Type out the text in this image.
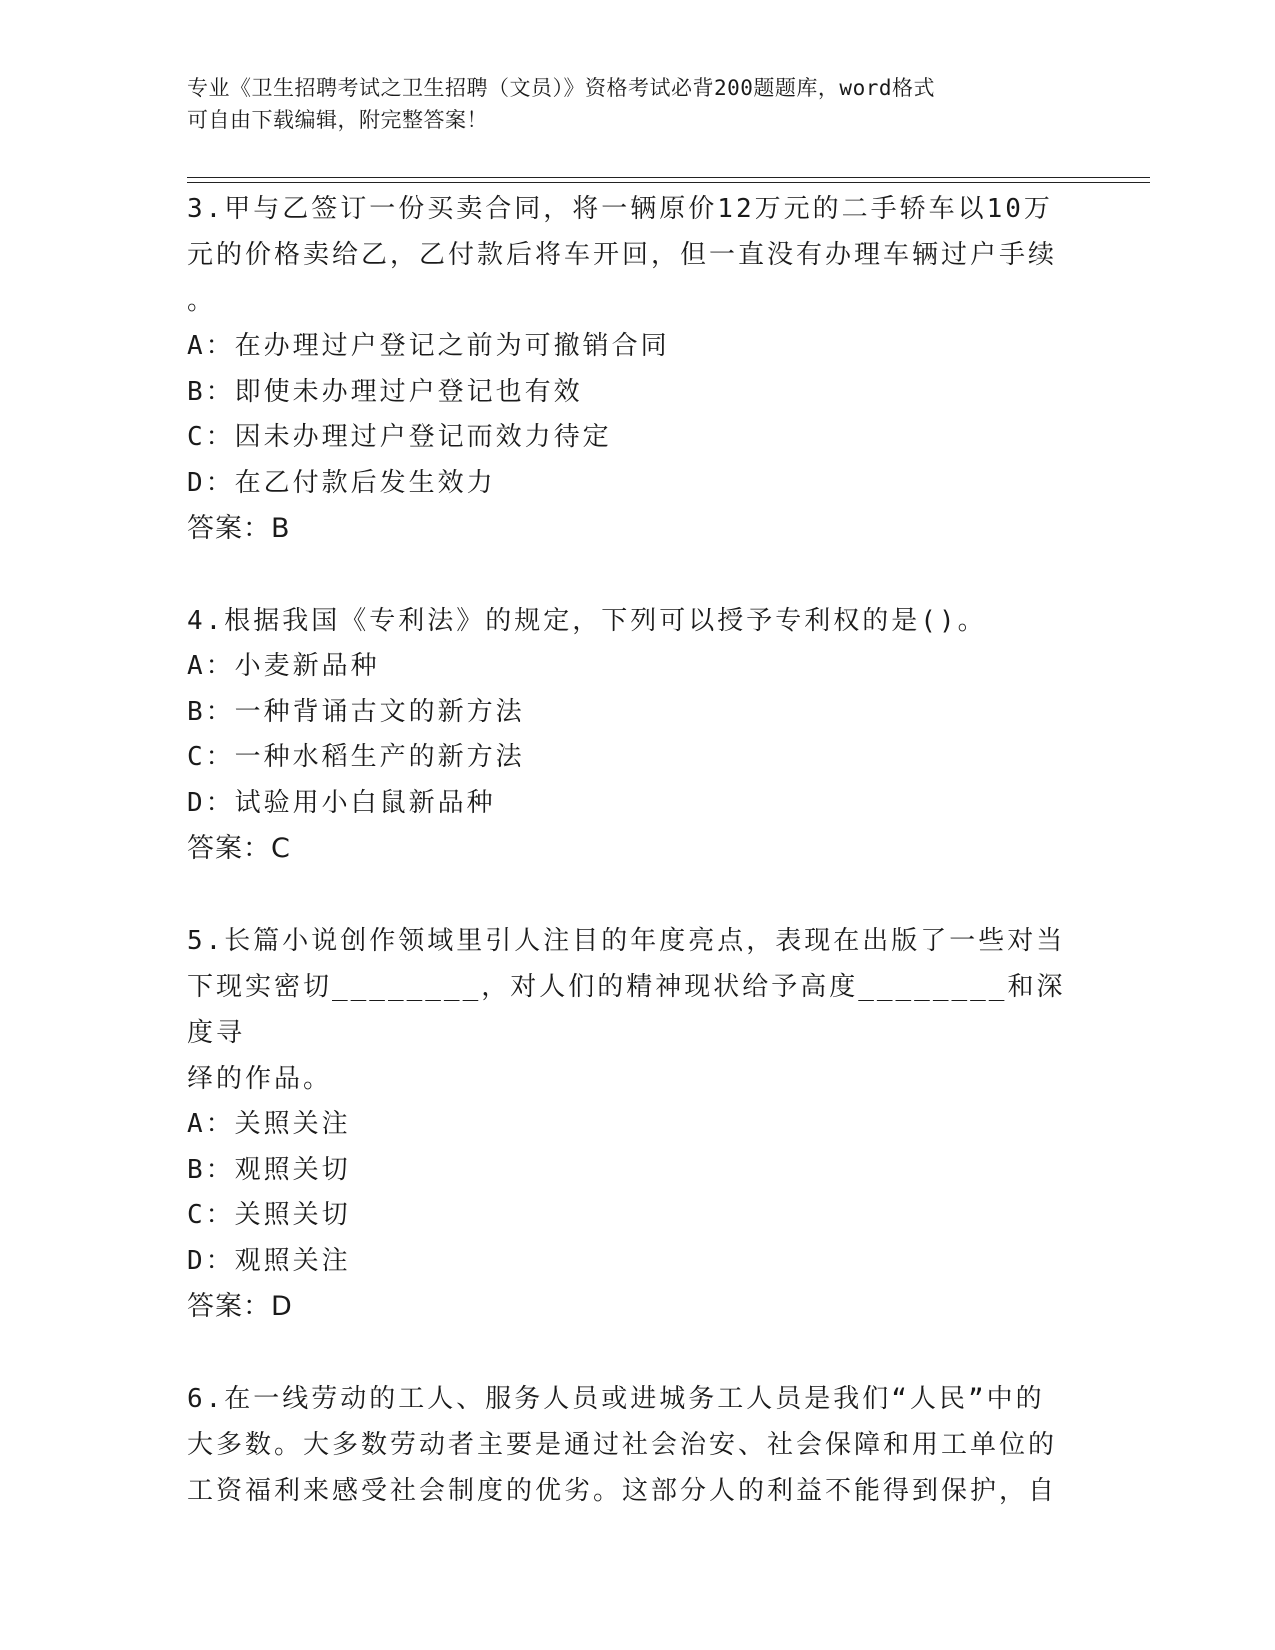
专业《卫生招聘考试之卫生招聘（文员）》资格考试必背200题题库，word格式
可自由下载编辑，附完整答案！
3.甲与乙签订一份买卖合同，将一辆原价12万元的二手轿车以10万
元的价格卖给乙，乙付款后将车开回，但一直没有办理车辆过户手续
。
A：在办理过户登记之前为可撤销合同
B：即使未办理过户登记也有效
C：因未办理过户登记而效力待定
D：在乙付款后发生效力
答案：B
4.根据我国《专利法》的规定，下列可以授予专利权的是()。
A：小麦新品种
B：一种背诵古文的新方法
C：一种水稻生产的新方法
D：试验用小白鼠新品种
答案：C
5.长篇小说创作领域里引人注目的年度亮点，表现在出版了一些对当
下现实密切________，对人们的精神现状给予高度________和深度寻
绎的作品。
A：关照关注
B：观照关切
C：关照关切
D：观照关注
答案：D
6.在一线劳动的工人、服务人员或进城务工人员是我们“人民”中的
大多数。大多数劳动者主要是通过社会治安、社会保障和用工单位的
工资福利来感受社会制度的优劣。这部分人的利益不能得到保护，自
